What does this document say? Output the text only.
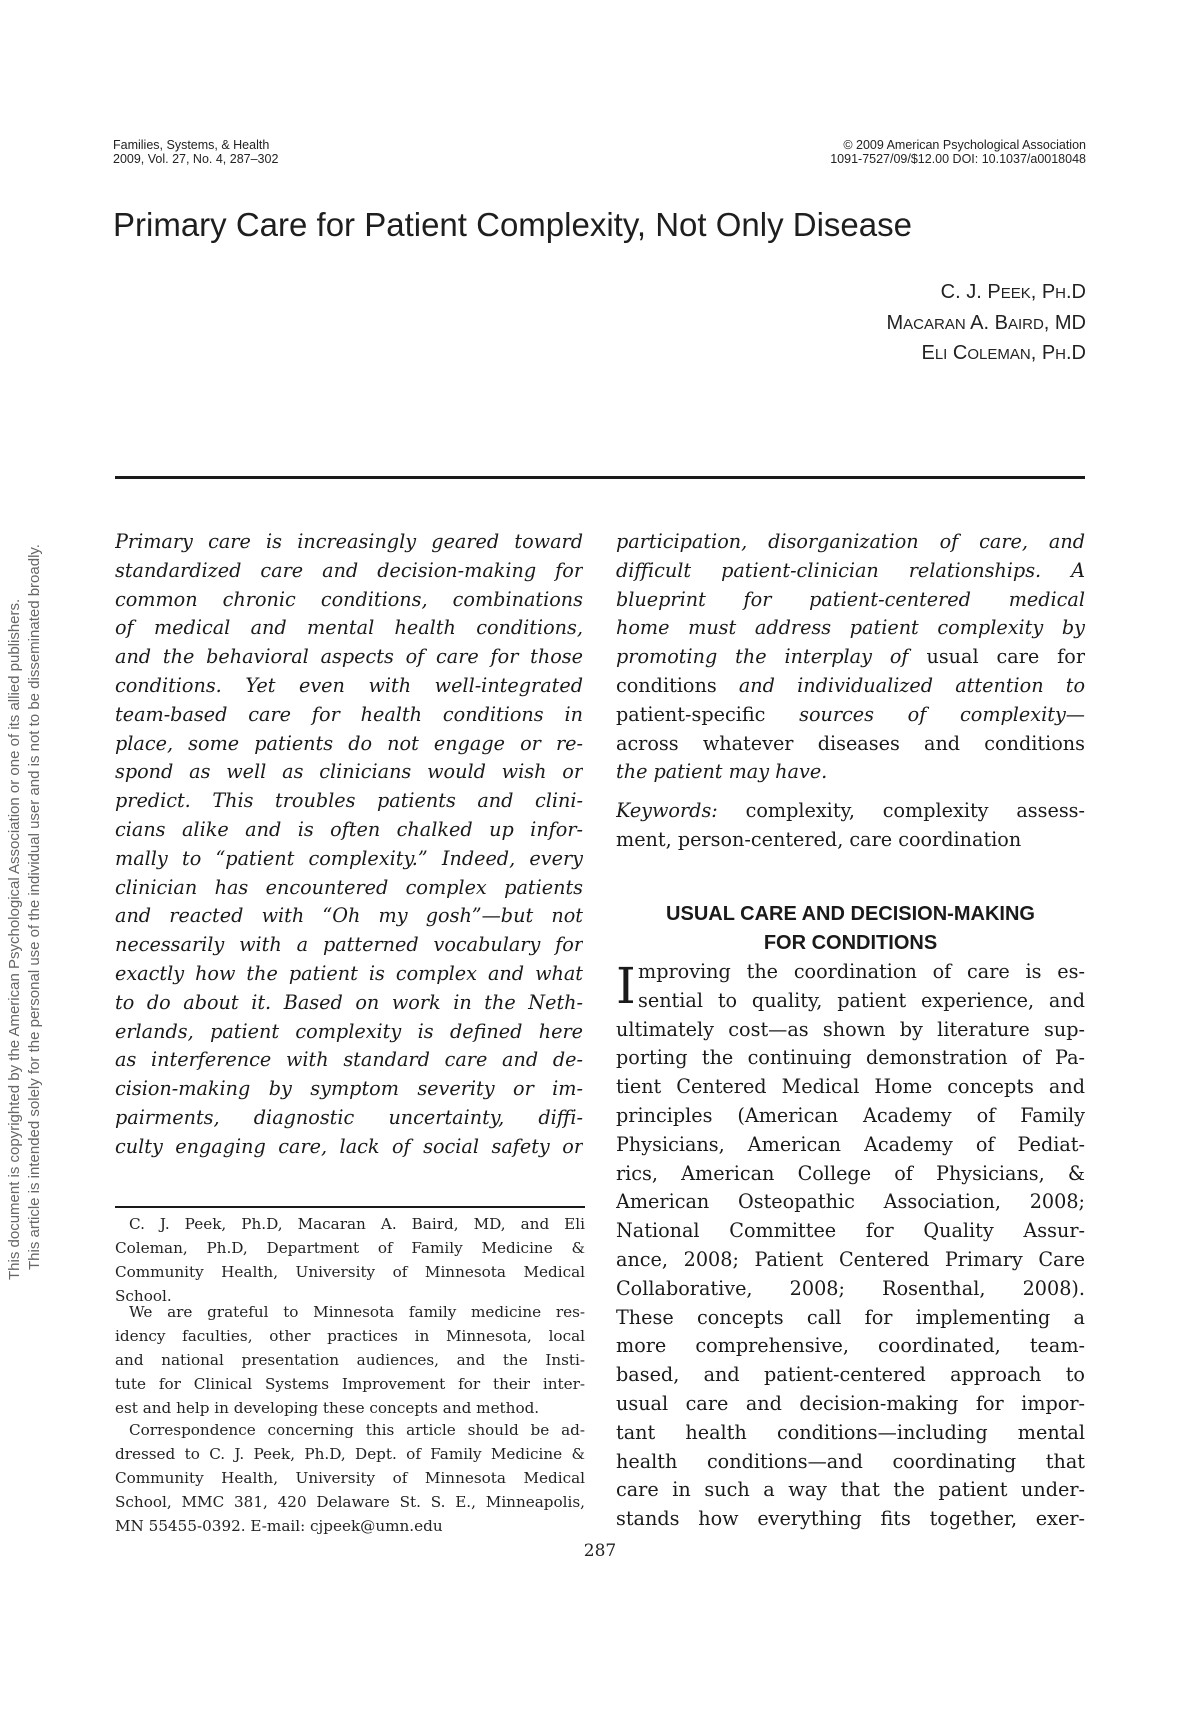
Families, Systems, & Health
2009, Vol. 27, No. 4, 287–302
© 2009 American Psychological Association
1091-7527/09/$12.00 DOI: 10.1037/a0018048
Primary Care for Patient Complexity, Not Only Disease
C. J. PEEK, PH.D
MACARAN A. BAIRD, MD
ELI COLEMAN, PH.D
This document is copyrighted by the American Psychological Association or one of its allied publishers. This article is intended solely for the personal use of the individual user and is not to be disseminated broadly.
Primary care is increasingly geared toward
standardized care and decision-making for
common chronic conditions, combinations
of medical and mental health conditions,
and the behavioral aspects of care for those
conditions. Yet even with well-integrated
team-based care for health conditions in
place, some patients do not engage or re-
spond as well as clinicians would wish or
predict. This troubles patients and clini-
cians alike and is often chalked up infor-
mally to “patient complexity.” Indeed, every
clinician has encountered complex patients
and reacted with “Oh my gosh”—but not
necessarily with a patterned vocabulary for
exactly how the patient is complex and what
to do about it. Based on work in the Neth-
erlands, patient complexity is defined here
as interference with standard care and de-
cision-making by symptom severity or im-
pairments, diagnostic uncertainty, diffi-
culty engaging care, lack of social safety or
participation, disorganization of care, and
difficult patient-clinician relationships. A
blueprint for patient-centered medical
home must address patient complexity by
promoting the interplay of usual care for
conditions and individualized attention to
patient-specific sources of complexity—
across whatever diseases and conditions
the patient may have.
Keywords: complexity, complexity assess-
ment, person-centered, care coordination
USUAL CARE AND DECISION-MAKING
FOR CONDITIONS
I mproving the coordination of care is es-
sential to quality, patient experience, and
ultimately cost—as shown by literature sup-
porting the continuing demonstration of Pa-
tient Centered Medical Home concepts and
principles (American Academy of Family
Physicians, American Academy of Pediat-
rics, American College of Physicians, &
American Osteopathic Association, 2008;
National Committee for Quality Assur-
ance, 2008; Patient Centered Primary Care
Collaborative, 2008; Rosenthal, 2008).
These concepts call for implementing a
more comprehensive, coordinated, team-
based, and patient-centered approach to
usual care and decision-making for impor-
tant health conditions—including mental
health conditions—and coordinating that
care in such a way that the patient under-
stands how everything fits together, exer-
C. J. Peek, Ph.D, Macaran A. Baird, MD, and Eli
Coleman, Ph.D, Department of Family Medicine &
Community Health, University of Minnesota Medical
School.
We are grateful to Minnesota family medicine res-
idency faculties, other practices in Minnesota, local
and national presentation audiences, and the Insti-
tute for Clinical Systems Improvement for their inter-
est and help in developing these concepts and method.
Correspondence concerning this article should be ad-
dressed to C. J. Peek, Ph.D, Dept. of Family Medicine &
Community Health, University of Minnesota Medical
School, MMC 381, 420 Delaware St. S. E., Minneapolis,
MN 55455-0392. E-mail: cjpeek@umn.edu
287
